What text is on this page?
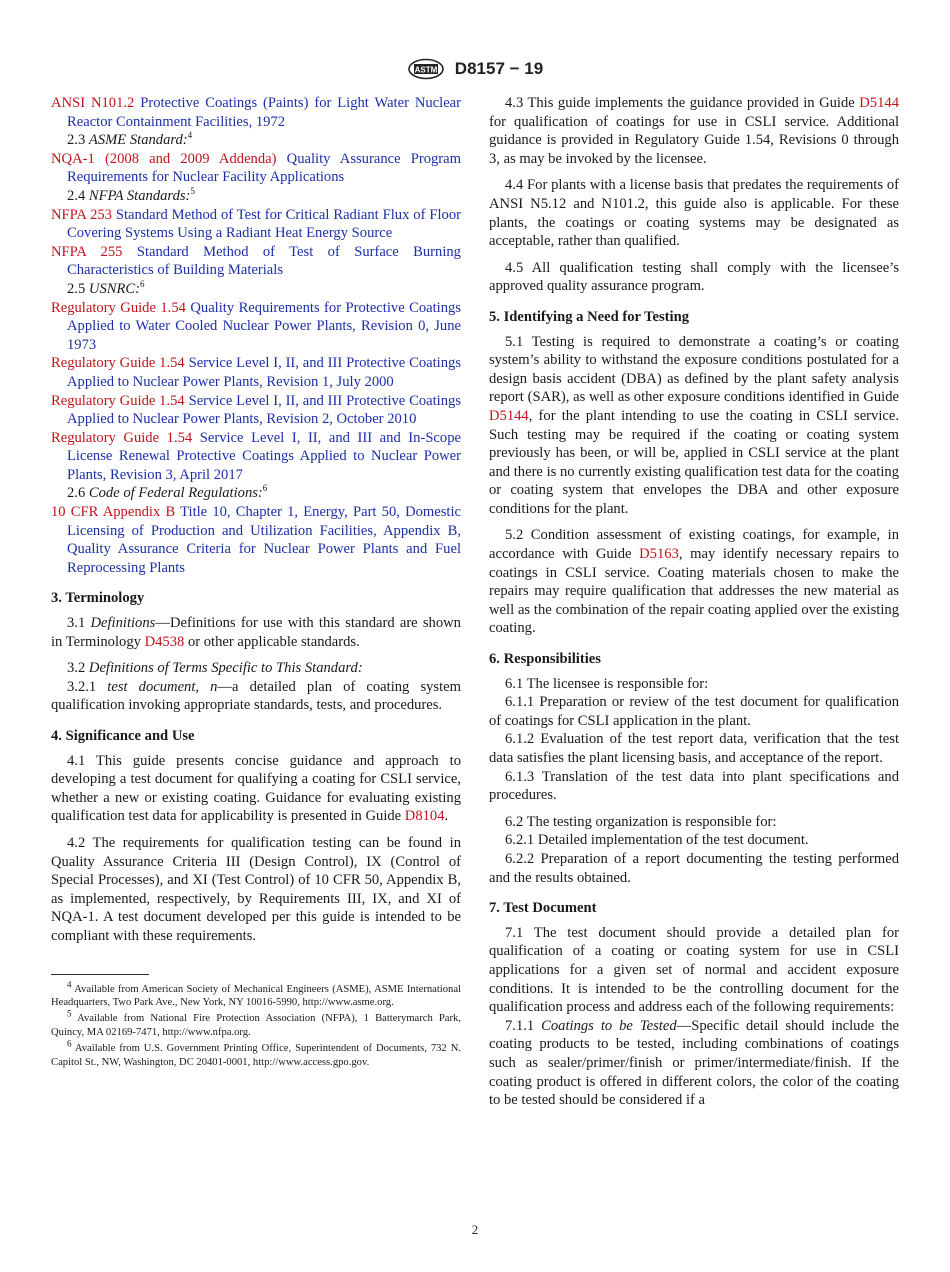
ASTM D8157 − 19

ANSI N101.2 Protective Coatings (Paints) for Light Water Nuclear Reactor Containment Facilities, 1972

2.3 ASME Standard:$^4$

NQA-1 (2008 and 2009 Addenda) Quality Assurance Program Requirements for Nuclear Facility Applications

2.4 NFPA Standards:$^5$

NFPA 253 Standard Method of Test for Critical Radiant Flux of Floor Covering Systems Using a Radiant Heat Energy Source

NFPA 255 Standard Method of Test of Surface Burning Characteristics of Building Materials

2.5 USNRC:$^6$

Regulatory Guide 1.54 Quality Requirements for Protective Coatings Applied to Water Cooled Nuclear Power Plants, Revision 0, June 1973

Regulatory Guide 1.54 Service Level I, II, and III Protective Coatings Applied to Nuclear Power Plants, Revision 1, July 2000

Regulatory Guide 1.54 Service Level I, II, and III Protective Coatings Applied to Nuclear Power Plants, Revision 2, October 2010

Regulatory Guide 1.54 Service Level I, II, and III and In-Scope License Renewal Protective Coatings Applied to Nuclear Power Plants, Revision 3, April 2017

2.6 Code of Federal Regulations:$^6$

10 CFR Appendix B Title 10, Chapter 1, Energy, Part 50, Domestic Licensing of Production and Utilization Facilities, Appendix B, Quality Assurance Criteria for Nuclear Power Plants and Fuel Reprocessing Plants

3. Terminology

3.1 Definitions—Definitions for use with this standard are shown in Terminology D4538 or other applicable standards.

3.2 Definitions of Terms Specific to This Standard:

3.2.1 test document, n—a detailed plan of coating system qualification invoking appropriate standards, tests, and procedures.

4. Significance and Use

4.1 This guide presents concise guidance and approach to developing a test document for qualifying a coating for CSLI service, whether a new or existing coating. Guidance for evaluating existing qualification test data for applicability is presented in Guide D8104.

4.2 The requirements for qualification testing can be found in Quality Assurance Criteria III (Design Control), IX (Control of Special Processes), and XI (Test Control) of 10 CFR 50, Appendix B, as implemented, respectively, by Requirements III, IX, and XI of NQA-1. A test document developed per this guide is intended to be compliant with these requirements.

$^4$ Available from American Society of Mechanical Engineers (ASME), ASME International Headquarters, Two Park Ave., New York, NY 10016-5990, http://www.asme.org.

$^5$ Available from National Fire Protection Association (NFPA), 1 Batterymarch Park, Quincy, MA 02169-7471, http://www.nfpa.org.

$^6$ Available from U.S. Government Printing Office, Superintendent of Documents, 732 N. Capitol St., NW, Washington, DC 20401-0001, http://www.access.gpo.gov.

4.3 This guide implements the guidance provided in Guide D5144 for qualification of coatings for use in CSLI service. Additional guidance is provided in Regulatory Guide 1.54, Revisions 0 through 3, as may be invoked by the licensee.

4.4 For plants with a license basis that predates the requirements of ANSI N5.12 and N101.2, this guide also is applicable. For these plants, the coatings or coating systems may be designated as acceptable, rather than qualified.

4.5 All qualification testing shall comply with the licensee’s approved quality assurance program.

5. Identifying a Need for Testing

5.1 Testing is required to demonstrate a coating’s or coating system’s ability to withstand the exposure conditions postulated for a design basis accident (DBA) as defined by the plant safety analysis report (SAR), as well as other exposure conditions identified in Guide D5144, for the plant intending to use the coating in CSLI service. Such testing may be required if the coating or coating system previously has been, or will be, applied in CSLI service at the plant and there is no currently existing qualification test data for the coating or coating system that envelopes the DBA and other exposure conditions for the plant.

5.2 Condition assessment of existing coatings, for example, in accordance with Guide D5163, may identify necessary repairs to coatings in CSLI service. Coating materials chosen to make the repairs may require qualification that addresses the new material as well as the combination of the repair coating applied over the existing coating.

6. Responsibilities

6.1 The licensee is responsible for:

6.1.1 Preparation or review of the test document for qualification of coatings for CSLI application in the plant.

6.1.2 Evaluation of the test report data, verification that the test data satisfies the plant licensing basis, and acceptance of the report.

6.1.3 Translation of the test data into plant specifications and procedures.

6.2 The testing organization is responsible for:

6.2.1 Detailed implementation of the test document.

6.2.2 Preparation of a report documenting the testing performed and the results obtained.

7. Test Document

7.1 The test document should provide a detailed plan for qualification of a coating or coating system for use in CSLI applications for a given set of normal and accident exposure conditions. It is intended to be the controlling document for the qualification process and address each of the following requirements:

7.1.1 Coatings to be Tested—Specific detail should include the coating products to be tested, including combinations of coatings such as sealer/primer/finish or primer/intermediate/finish. If the coating product is offered in different colors, the color of the coating to be tested should be considered if a

2
